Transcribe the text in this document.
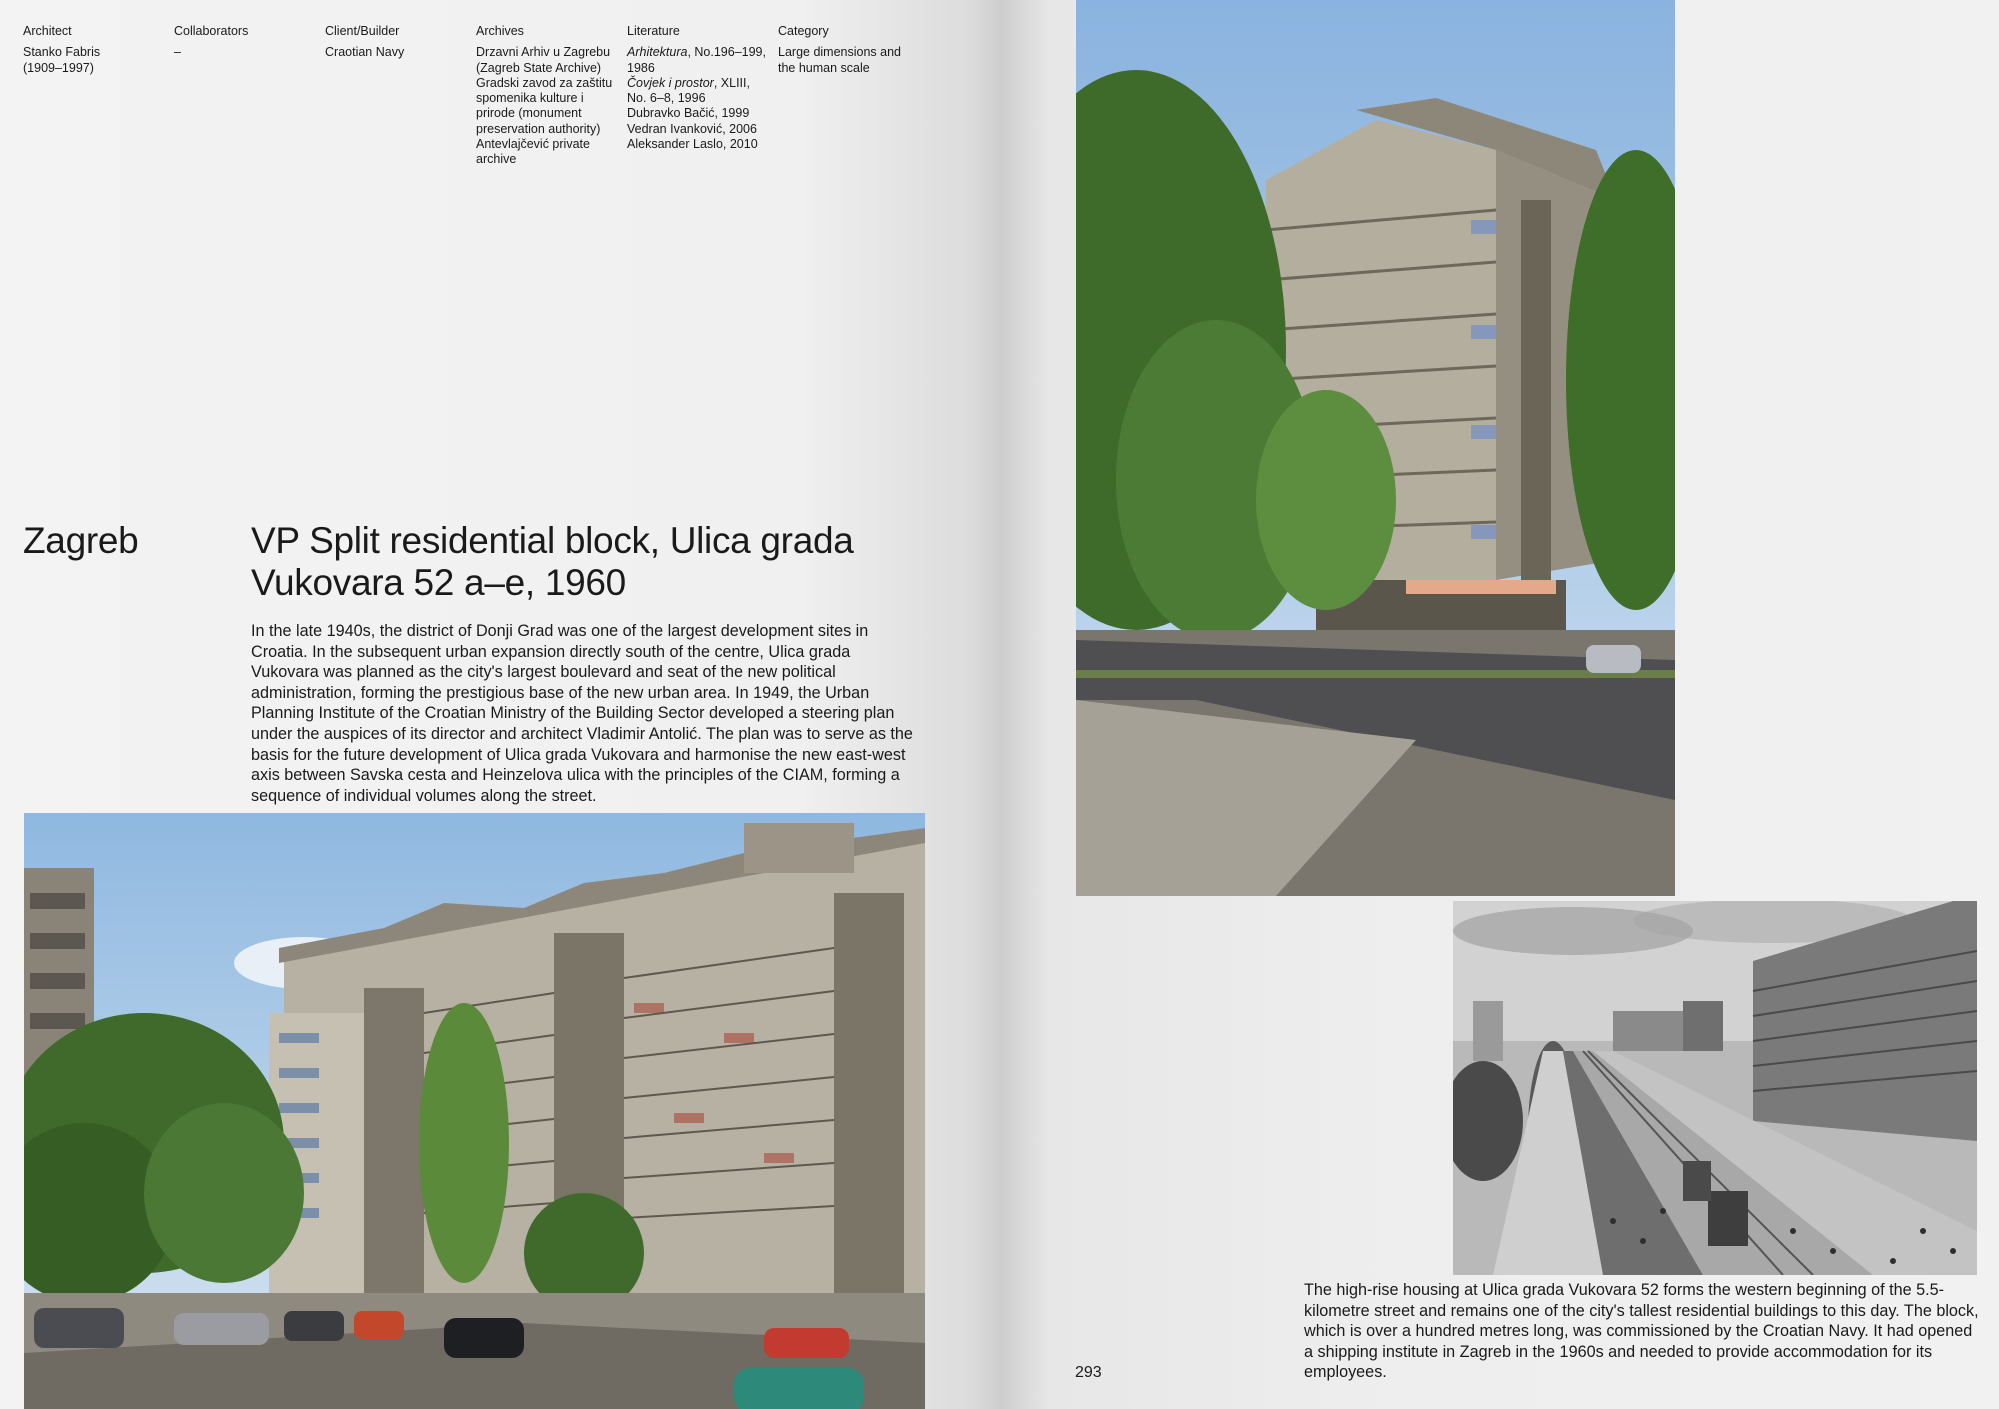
Architect
Stanko Fabris
(1909–1997)
Collaborators
–
Client/Builder
Craotian Navy
Archives
Drzavni Arhiv u Zagrebu
(Zagreb State Archive)
Gradski zavod za zaštitu
spomenika kulture i
prirode (monument
preservation authority)
Antevlajčević private
archive
Literature
Arhitektura, No.196–199,
1986
Čovjek i prostor, XLIII,
No. 6–8, 1996
Dubravko Bačić, 1999
Vedran Ivanković, 2006
Aleksander Laslo, 2010
Category
Large dimensions and
the human scale
Zagreb	VP Split residential block, Ulica grada Vukovara 52 a–e, 1960
In the late 1940s, the district of Donji Grad was one of the largest development sites in Croatia. In the subsequent urban expansion directly south of the centre, Ulica grada Vukovara was planned as the city's largest boulevard and seat of the new political administration, forming the prestigious base of the new urban area. In 1949, the Urban Planning Institute of the Croatian Ministry of the Building Sector developed a steering plan under the auspices of its director and architect Vladimir Antolić. The plan was to serve as the basis for the future development of Ulica grada Vukovara and harmonise the new east-west axis between Savska cesta and Heinzelova ulica with the principles of the CIAM, forming a sequence of individual volumes along the street.
The high-rise housing at Ulica grada Vukovara 52 forms the western beginning of the 5.5-kilometre street and remains one of the city's tallest residential buildings to this day. The block, which is over a hundred metres long, was commissioned by the Croatian Navy. It had opened a shipping institute in Zagreb in the 1960s and needed to provide accommodation for its employees.
293
